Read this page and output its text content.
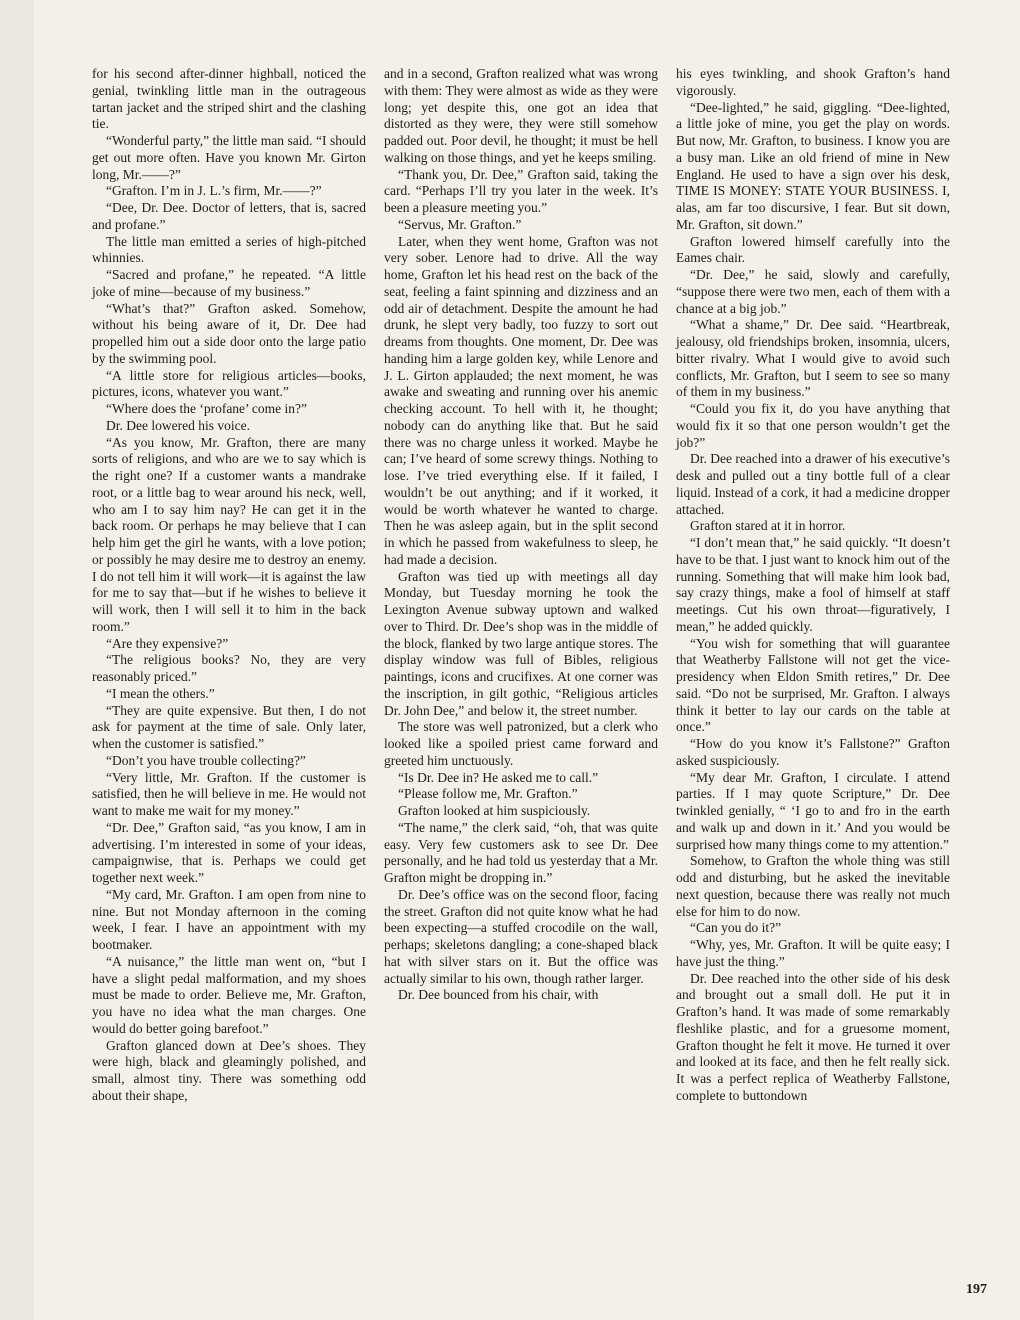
for his second after-dinner highball, noticed the genial, twinkling little man in the outrageous tartan jacket and the striped shirt and the clashing tie.

“Wonderful party,” the little man said. “I should get out more often. Have you known Mr. Girton long, Mr.——?”

“Grafton. I’m in J. L.’s firm, Mr.——?”

“Dee, Dr. Dee. Doctor of letters, that is, sacred and profane.”

The little man emitted a series of high-pitched whinnies.

“Sacred and profane,” he repeated. “A little joke of mine—because of my business.”

“What’s that?” Grafton asked. Somehow, without his being aware of it, Dr. Dee had propelled him out a side door onto the large patio by the swimming pool.

“A little store for religious articles—books, pictures, icons, whatever you want.”

“Where does the ‘profane’ come in?”

Dr. Dee lowered his voice.

“As you know, Mr. Grafton, there are many sorts of religions, and who are we to say which is the right one? If a customer wants a mandrake root, or a little bag to wear around his neck, well, who am I to say him nay? He can get it in the back room. Or perhaps he may believe that I can help him get the girl he wants, with a love potion; or possibly he may desire me to destroy an enemy. I do not tell him it will work—it is against the law for me to say that—but if he wishes to believe it will work, then I will sell it to him in the back room.”

“Are they expensive?”

“The religious books? No, they are very reasonably priced.”

“I mean the others.”

“They are quite expensive. But then, I do not ask for payment at the time of sale. Only later, when the customer is satisfied.”

“Don’t you have trouble collecting?”

“Very little, Mr. Grafton. If the customer is satisfied, then he will believe in me. He would not want to make me wait for my money.”

“Dr. Dee,” Grafton said, “as you know, I am in advertising. I’m interested in some of your ideas, campaignwise, that is. Perhaps we could get together next week.”

“My card, Mr. Grafton. I am open from nine to nine. But not Monday afternoon in the coming week, I fear. I have an appointment with my bootmaker.

“A nuisance,” the little man went on, “but I have a slight pedal malformation, and my shoes must be made to order. Believe me, Mr. Grafton, you have no idea what the man charges. One would do better going barefoot.”

Grafton glanced down at Dee’s shoes. They were high, black and gleamingly polished, and small, almost tiny. There was something odd about their shape,

and in a second, Grafton realized what was wrong with them: They were almost as wide as they were long; yet despite this, one got an idea that distorted as they were, they were still somehow padded out. Poor devil, he thought; it must be hell walking on those things, and yet he keeps smiling.

“Thank you, Dr. Dee,” Grafton said, taking the card. “Perhaps I’ll try you later in the week. It’s been a pleasure meeting you.”

“Servus, Mr. Grafton.”

Later, when they went home, Grafton was not very sober. Lenore had to drive. All the way home, Grafton let his head rest on the back of the seat, feeling a faint spinning and dizziness and an odd air of detachment. Despite the amount he had drunk, he slept very badly, too fuzzy to sort out dreams from thoughts. One moment, Dr. Dee was handing him a large golden key, while Lenore and J. L. Girton applauded; the next moment, he was awake and sweating and running over his anemic checking account. To hell with it, he thought; nobody can do anything like that. But he said there was no charge unless it worked. Maybe he can; I’ve heard of some screwy things. Nothing to lose. I’ve tried everything else. If it failed, I wouldn’t be out anything; and if it worked, it would be worth whatever he wanted to charge. Then he was asleep again, but in the split second in which he passed from wakefulness to sleep, he had made a decision.

Grafton was tied up with meetings all day Monday, but Tuesday morning he took the Lexington Avenue subway uptown and walked over to Third. Dr. Dee’s shop was in the middle of the block, flanked by two large antique stores. The display window was full of Bibles, religious paintings, icons and crucifixes. At one corner was the inscription, in gilt gothic, “Religious articles Dr. John Dee,” and below it, the street number.

The store was well patronized, but a clerk who looked like a spoiled priest came forward and greeted him unctuously.

“Is Dr. Dee in? He asked me to call.”

“Please follow me, Mr. Grafton.”

Grafton looked at him suspiciously.

“The name,” the clerk said, “oh, that was quite easy. Very few customers ask to see Dr. Dee personally, and he had told us yesterday that a Mr. Grafton might be dropping in.”

Dr. Dee’s office was on the second floor, facing the street. Grafton did not quite know what he had been expecting—a stuffed crocodile on the wall, perhaps; skeletons dangling; a cone-shaped black hat with silver stars on it. But the office was actually similar to his own, though rather larger.

Dr. Dee bounced from his chair, with

his eyes twinkling, and shook Grafton’s hand vigorously.

“Dee-lighted,” he said, giggling. “Dee-lighted, a little joke of mine, you get the play on words. But now, Mr. Grafton, to business. I know you are a busy man. Like an old friend of mine in New England. He used to have a sign over his desk, TIME IS MONEY: STATE YOUR BUSINESS. I, alas, am far too discursive, I fear. But sit down, Mr. Grafton, sit down.”

Grafton lowered himself carefully into the Eames chair.

“Dr. Dee,” he said, slowly and carefully, “suppose there were two men, each of them with a chance at a big job.”

“What a shame,” Dr. Dee said. “Heartbreak, jealousy, old friendships broken, insomnia, ulcers, bitter rivalry. What I would give to avoid such conflicts, Mr. Grafton, but I seem to see so many of them in my business.”

“Could you fix it, do you have anything that would fix it so that one person wouldn’t get the job?”

Dr. Dee reached into a drawer of his executive’s desk and pulled out a tiny bottle full of a clear liquid. Instead of a cork, it had a medicine dropper attached.

Grafton stared at it in horror.

“I don’t mean that,” he said quickly. “It doesn’t have to be that. I just want to knock him out of the running. Something that will make him look bad, say crazy things, make a fool of himself at staff meetings. Cut his own throat—figuratively, I mean,” he added quickly.

“You wish for something that will guarantee that Weatherby Fallstone will not get the vice-presidency when Eldon Smith retires,” Dr. Dee said. “Do not be surprised, Mr. Grafton. I always think it better to lay our cards on the table at once.”

“How do you know it’s Fallstone?” Grafton asked suspiciously.

“My dear Mr. Grafton, I circulate. I attend parties. If I may quote Scripture,” Dr. Dee twinkled genially, “ ‘I go to and fro in the earth and walk up and down in it.’ And you would be surprised how many things come to my attention.”

Somehow, to Grafton the whole thing was still odd and disturbing, but he asked the inevitable next question, because there was really not much else for him to do now.

“Can you do it?”

“Why, yes, Mr. Grafton. It will be quite easy; I have just the thing.”

Dr. Dee reached into the other side of his desk and brought out a small doll. He put it in Grafton’s hand. It was made of some remarkably fleshlike plastic, and for a gruesome moment, Grafton thought he felt it move. He turned it over and looked at its face, and then he felt really sick. It was a perfect replica of Weatherby Fallstone, complete to buttondown

197
